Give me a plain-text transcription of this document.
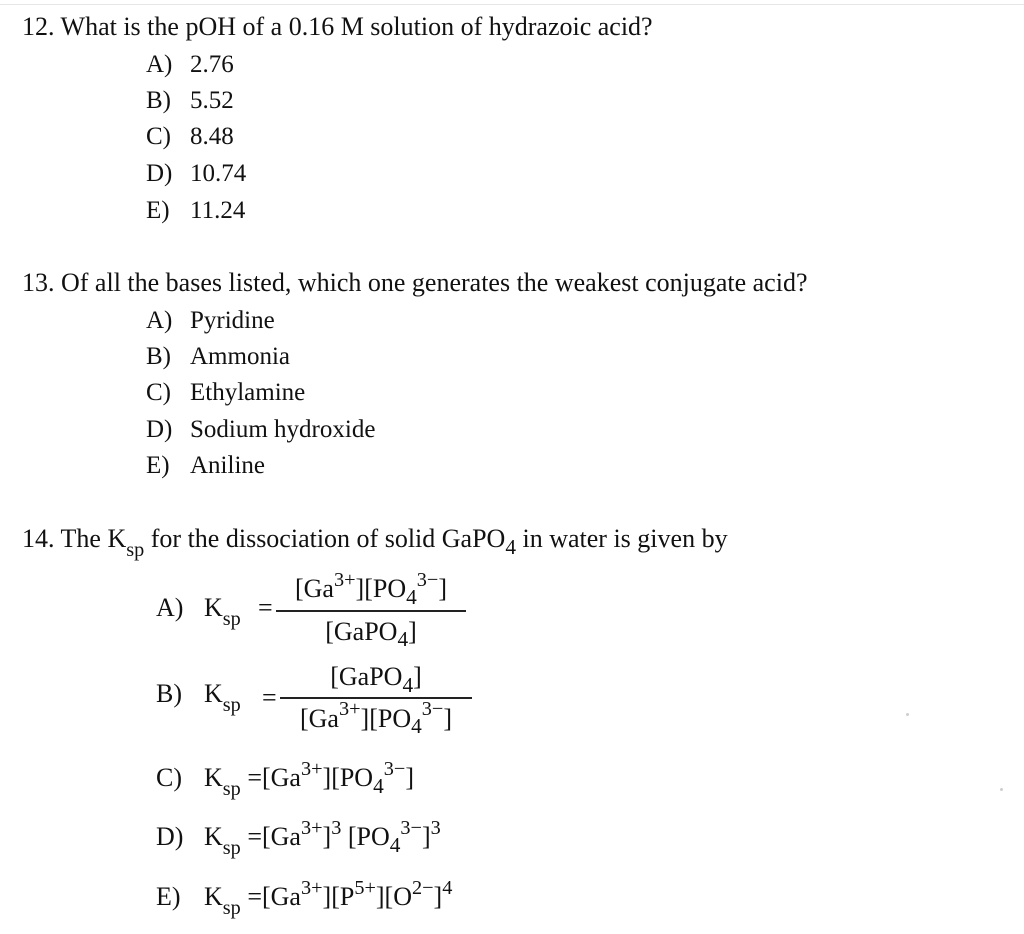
12. What is the pOH of a 0.16 M solution of hydrazoic acid?
A) 2.76
B) 5.52
C) 8.48
D) 10.74
E) 11.24
13. Of all the bases listed, which one generates the weakest conjugate acid?
A) Pyridine
B) Ammonia
C) Ethylamine
D) Sodium hydroxide
E) Aniline
14. The $K_{sp}$ for the dissociation of solid GaPO$_4$ in water is given by
A) $K_{sp}$ =
$[Ga^{3+}][PO_4^{3-}]$
[GaPO$_4$]
B) $K_{sp}$ =
[GaPO$_4$]
$[Ga^{3+}][PO_4^{3-}]$
C) $K_{sp} =[Ga^{3+}][PO_4^{3-}]$
D) $K_{sp} =[Ga^{3+}]^3$ $[PO_4^{3-}]^3$
E) $K_{sp} =[Ga^{3+}][P^{5+}][O^{2-}]^4$
